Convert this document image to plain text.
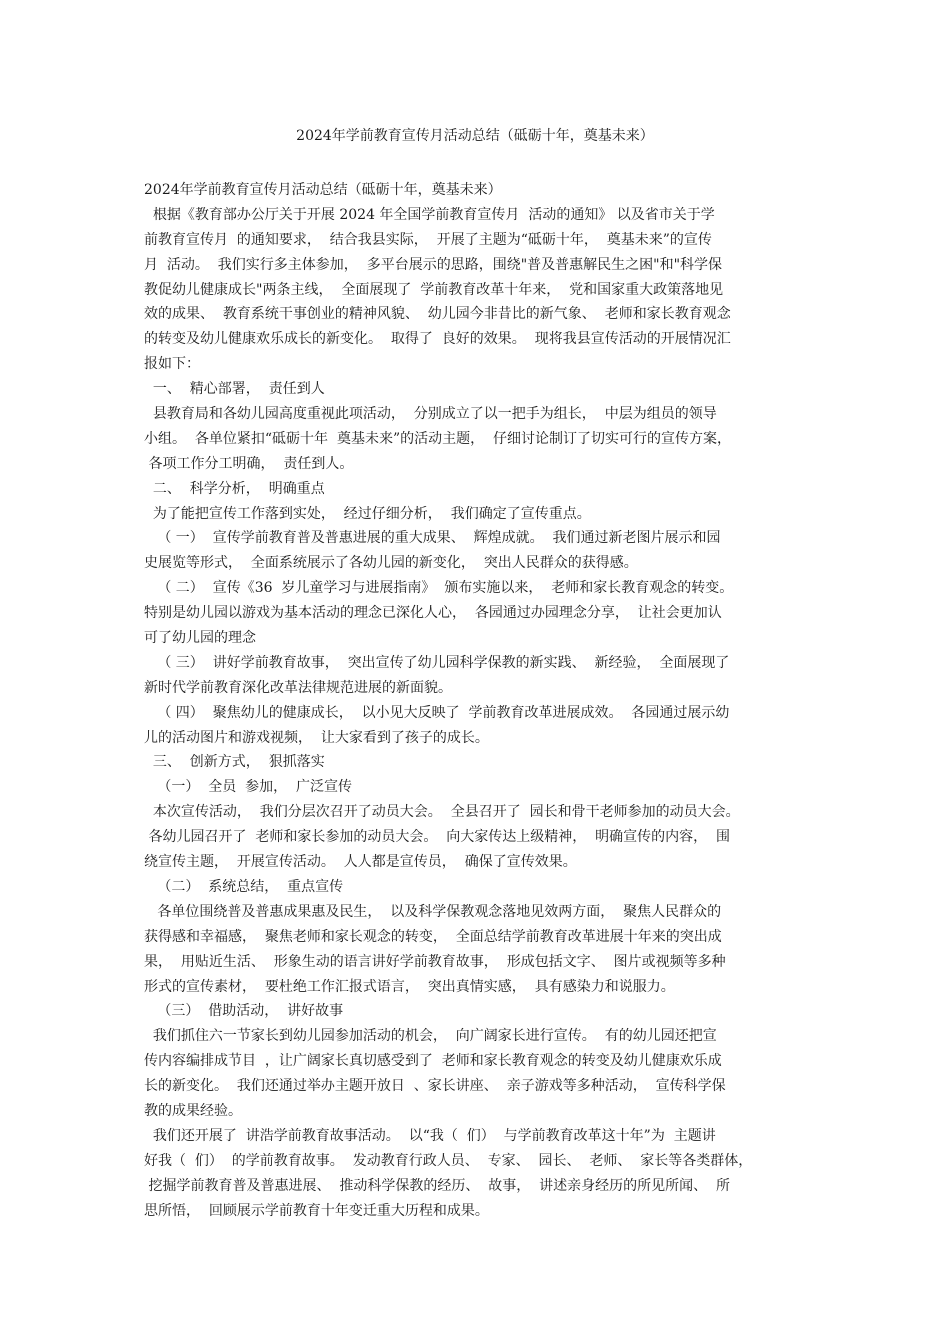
2024年学前教育宣传月活动总结（砥砺十年，奠基未来）
2024年学前教育宣传月活动总结（砥砺十年，奠基未来）
根据《教育部办公厅关于开展 2024 年全国学前教育宣传月  活动的通知》 以及省市关于学
前教育宣传月  的通知要求，  结合我县实际，  开展了主题为“砥砺十年，  奠基未来”的宣传
月  活动。  我们实行多主体参加，  多平台展示的思路，围绕"普及普惠解民生之困"和"科学保
教促幼儿健康成长"两条主线，  全面展现了  学前教育改革十年来，  党和国家重大政策落地见
效的成果、  教育系统干事创业的精神风貌、  幼儿园今非昔比的新气象、  老师和家长教育观念
的转变及幼儿健康欢乐成长的新变化。  取得了  良好的效果。  现将我县宣传活动的开展情况汇
报如下：
一、  精心部署，  责任到人
县教育局和各幼儿园高度重视此项活动，  分别成立了以一把手为组长，  中层为组员的领导
小组。  各单位紧扣“砥砺十年  奠基未来”的活动主题，  仔细讨论制订了切实可行的宣传方案，
各项工作分工明确，  责任到人。
二、  科学分析，  明确重点
为了能把宣传工作落到实处，  经过仔细分析，  我们确定了宣传重点。
（ 一）  宣传学前教育普及普惠进展的重大成果、  辉煌成就。  我们通过新老图片展示和园
史展览等形式，  全面系统展示了各幼儿园的新变化，  突出人民群众的获得感。
（ 二）  宣传《36  岁儿童学习与进展指南》  颁布实施以来，  老师和家长教育观念的转变。
特别是幼儿园以游戏为基本活动的理念已深化人心，  各园通过办园理念分享，  让社会更加认
可了幼儿园的理念
（ 三）  讲好学前教育故事，  突出宣传了幼儿园科学保教的新实践、  新经验，  全面展现了
新时代学前教育深化改革法律规范进展的新面貌。
（ 四）  聚焦幼儿的健康成长，  以小见大反映了  学前教育改革进展成效。  各园通过展示幼
儿的活动图片和游戏视频，  让大家看到了孩子的成长。
三、  创新方式，  狠抓落实
（一）  全员  参加，  广泛宣传
本次宣传活动，  我们分层次召开了动员大会。  全县召开了  园长和骨干老师参加的动员大会。
各幼儿园召开了  老师和家长参加的动员大会。  向大家传达上级精神，  明确宣传的内容，  围
绕宣传主题，  开展宣传活动。  人人都是宣传员，  确保了宣传效果。
（二）  系统总结，  重点宣传
各单位围绕普及普惠成果惠及民生，  以及科学保教观念落地见效两方面，  聚焦人民群众的
获得感和幸福感，  聚焦老师和家长观念的转变，  全面总结学前教育改革进展十年来的突出成
果，  用贴近生活、  形象生动的语言讲好学前教育故事，  形成包括文字、  图片或视频等多种
形式的宣传素材，  要杜绝工作汇报式语言，  突出真情实感，  具有感染力和说服力。
（三）  借助活动，  讲好故事
我们抓住六一节家长到幼儿园参加活动的机会，  向广阔家长进行宣传。  有的幼儿园还把宣
传内容编排成节目  ，让广阔家长真切感受到了  老师和家长教育观念的转变及幼儿健康欢乐成
长的新变化。  我们还通过举办主题开放日  、家长讲座、  亲子游戏等多种活动，  宣传科学保
教的成果经验。
我们还开展了  讲浩学前教育故事活动。  以“我（  们）  与学前教育改革这十年”为  主题讲
好我（  们）  的学前教育故事。  发动教育行政人员、  专家、  园长、  老师、  家长等各类群体，
挖掘学前教育普及普惠进展、  推动科学保教的经历、  故事，  讲述亲身经历的所见所闻、  所
思所悟，  回顾展示学前教育十年变迁重大历程和成果。
